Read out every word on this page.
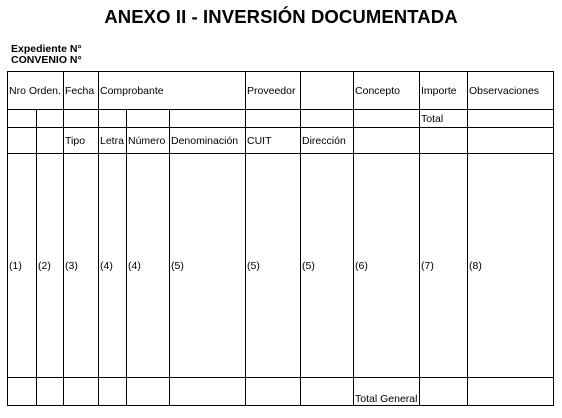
ANEXO II - INVERSIÓN DOCUMENTADA
Expediente N°
CONVENIO N°
Nro Orden.		Fecha	Comprobante			Proveedor		Concepto	Importe	Observaciones
									Total	
		Tipo	Letra	Número	Denominación	CUIT	Dirección			
(1)	(2)	(3)	(4)	(4)	(5)	(5)	(5)	(6)	(7)	(8)
								Total General		
